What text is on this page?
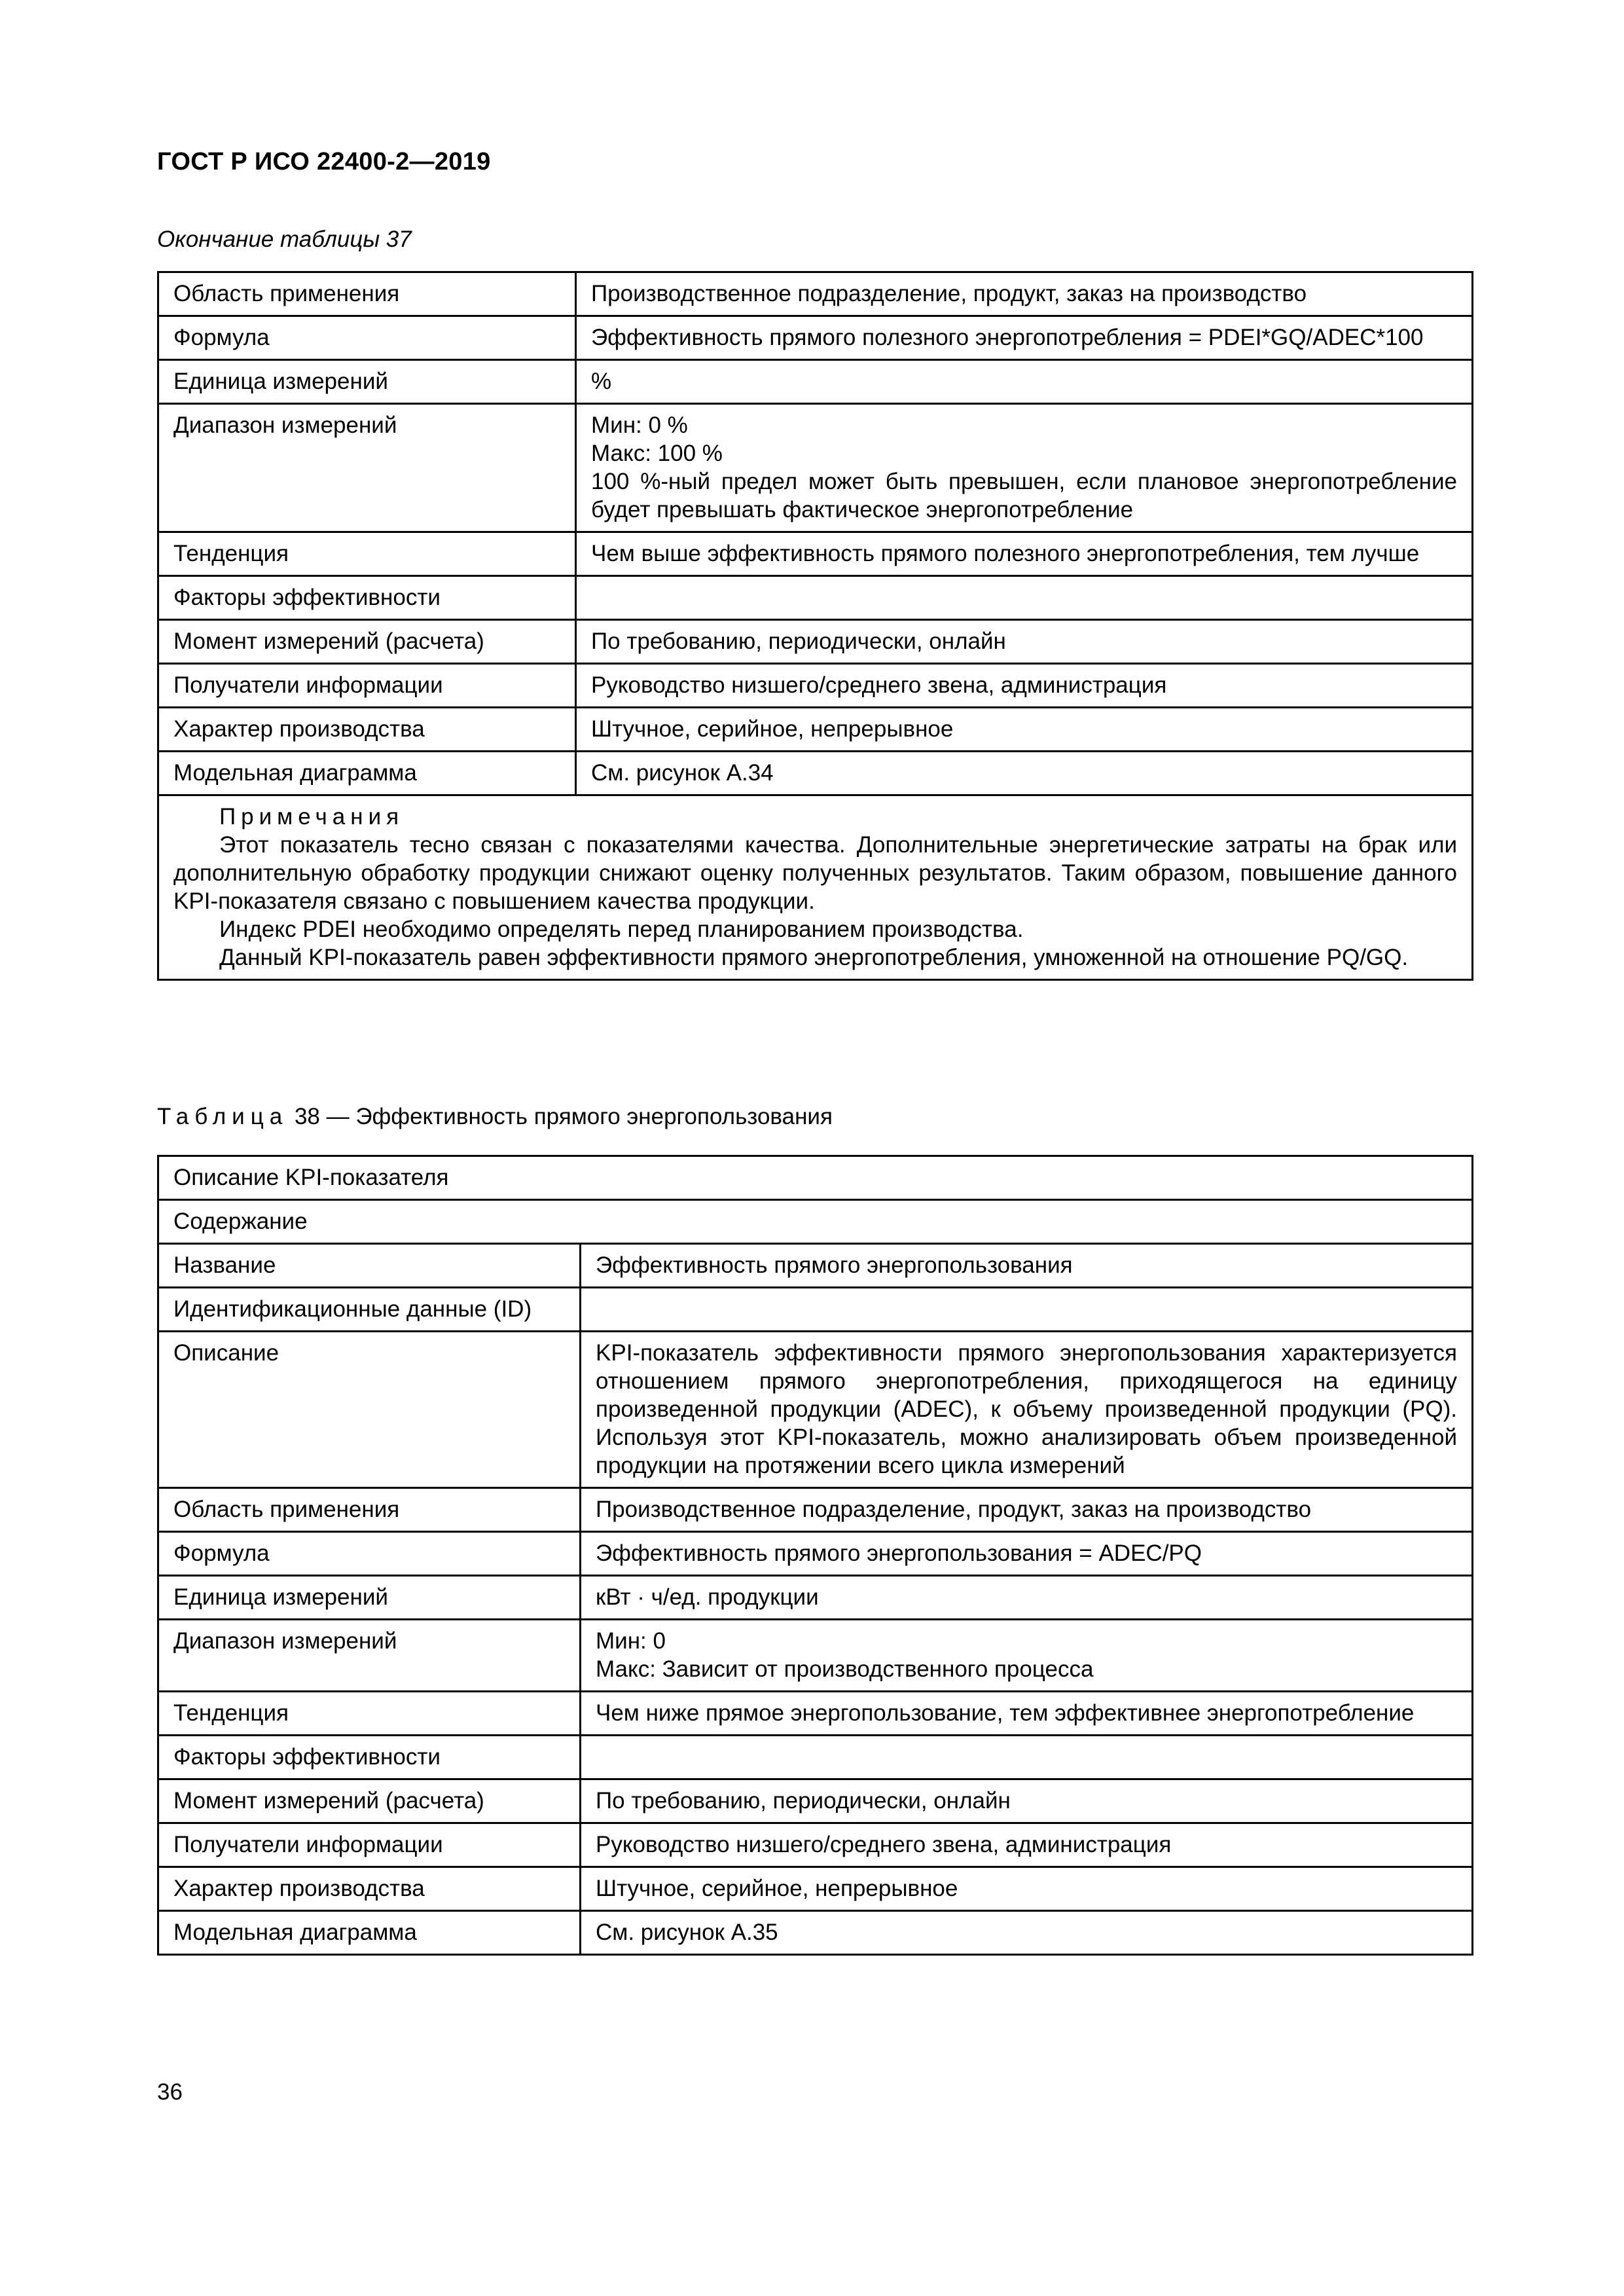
ГОСТ Р ИСО 22400-2—2019
Окончание таблицы 37
Область применения	Производственное подразделение, продукт, заказ на производство
Формула	Эффективность прямого полезного энергопотребления = PDEI*GQ/ADEC*100
Единица измерений	%
Диапазон измерений	Мин: 0 %
Макс: 100 %
100 %-ный предел может быть превышен, если плановое энергопотребление будет превышать фактическое энергопотребление

Тенденция	Чем выше эффективность прямого полезного энергопотребления, тем лучше
Факторы эффективности	
Момент измерений (расчета)	По требованию, периодически, онлайн
Получатели информации	Руководство низшего/среднего звена, администрация
Характер производства	Штучное, серийное, непрерывное
Модельная диаграмма	См. рисунок А.34

Примечания

Этот показатель тесно связан с показателями качества. Дополнительные энергетические затраты на брак или дополнительную обработку продукции снижают оценку полученных результатов. Таким образом, повышение данного KPI-показателя связано с повышением качества продукции.

Индекс PDEI необходимо определять перед планированием производства.

Данный KPI-показатель равен эффективности прямого энергопотребления, умноженной на отношение PQ/GQ.	

Таблица 38 — Эффективность прямого энергопользования
Описание KPI-показателя	
Содержание	
Название	Эффективность прямого энергопользования
Идентификационные данные (ID)	
Описание	KPI-показатель эффективности прямого энергопользования характеризуется отношением прямого энергопотребления, приходящегося на единицу произведенной продукции (ADEC), к объему произведенной продукции (PQ). Используя этот KPI-показатель, можно анализировать объем произведенной продукции на протяжении всего цикла измерений
Область применения	Производственное подразделение, продукт, заказ на производство
Формула	Эффективность прямого энергопользования = ADEC/PQ
Единица измерений	кВт · ч/ед. продукции
Диапазон измерений	Мин: 0
Макс: Зависит от производственного процесса

Тенденция	Чем ниже прямое энергопользование, тем эффективнее энергопотребление
Факторы эффективности	
Момент измерений (расчета)	По требованию, периодически, онлайн
Получатели информации	Руководство низшего/среднего звена, администрация
Характер производства	Штучное, серийное, непрерывное
Модельная диаграмма	См. рисунок А.35
36
